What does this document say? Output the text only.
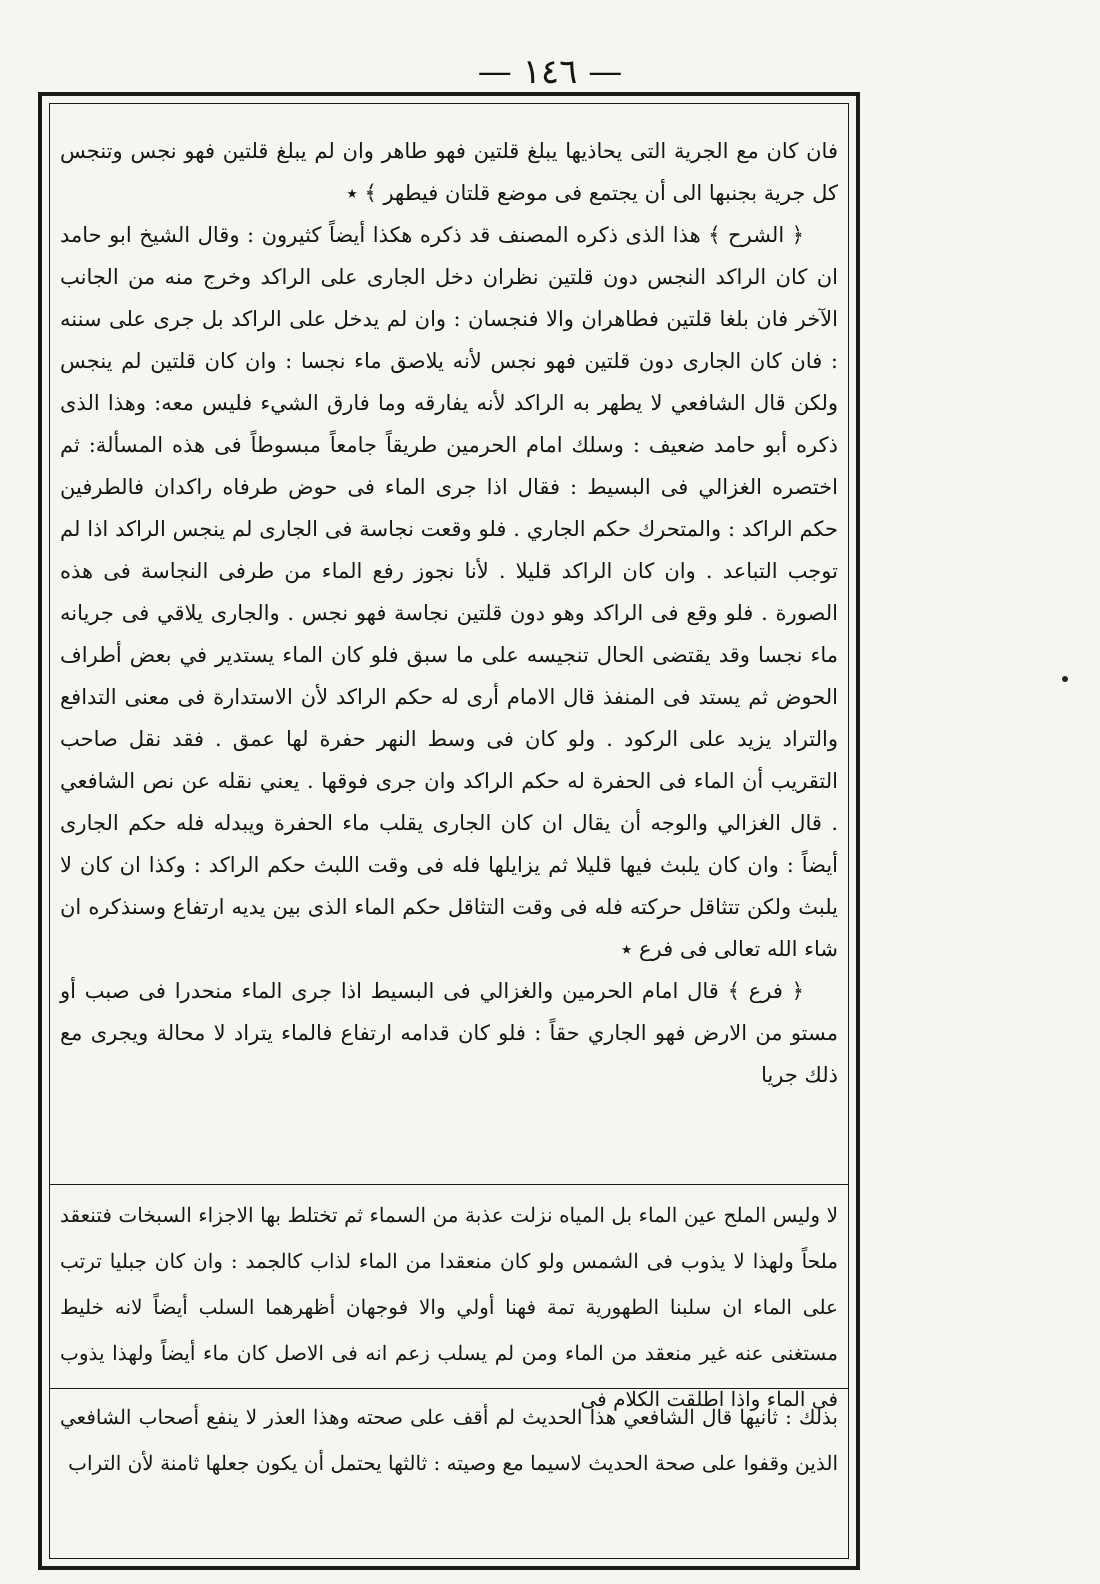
— ١٤٦ —

فان كان مع الجرية التى يحاذيها يبلغ قلتين فهو طاهر وان لم يبلغ قلتين فهو نجس وتنجس كل جرية بجنبها الى أن يجتمع فى موضع قلتان فيطهر ﴾ ٭

﴿ الشرح ﴾ هذا الذى ذكره المصنف قد ذكره هكذا أيضاً كثيرون : وقال الشيخ ابو حامد ان كان الراكد النجس دون قلتين نظران دخل الجارى على الراكد وخرج منه من الجانب الآخر فان بلغا قلتين فطاهران والا فنجسان : وان لم يدخل على الراكد بل جرى على سننه : فان كان الجارى دون قلتين فهو نجس لأنه يلاصق ماء نجسا : وان كان قلتين لم ينجس ولكن قال الشافعي لا يطهر به الراكد لأنه يفارقه وما فارق الشيء فليس معه: وهذا الذى ذكره أبو حامد ضعيف : وسلك امام الحرمين طريقاً جامعاً مبسوطاً فى هذه المسألة: ثم اختصره الغزالي فى البسيط : فقال اذا جرى الماء فى حوض طرفاه راكدان فالطرفين حكم الراكد : والمتحرك حكم الجاري . فلو وقعت نجاسة فى الجارى لم ينجس الراكد اذا لم توجب التباعد . وان كان الراكد قليلا . لأنا نجوز رفع الماء من طرفى النجاسة فى هذه الصورة . فلو وقع فى الراكد وهو دون قلتين نجاسة فهو نجس . والجارى يلاقي فى جريانه ماء نجسا وقد يقتضى الحال تنجيسه على ما سبق فلو كان الماء يستدير في بعض أطراف الحوض ثم يستد فى المنفذ قال الامام أرى له حكم الراكد لأن الاستدارة فى معنى التدافع والتراد يزيد على الركود . ولو كان فى وسط النهر حفرة لها عمق . فقد نقل صاحب التقريب أن الماء فى الحفرة له حكم الراكد وان جرى فوقها . يعني نقله عن نص الشافعي . قال الغزالي والوجه أن يقال ان كان الجارى يقلب ماء الحفرة ويبدله فله حكم الجارى أيضاً : وان كان يلبث فيها قليلا ثم يزايلها فله فى وقت اللبث حكم الراكد : وكذا ان كان لا يلبث ولكن تتثاقل حركته فله فى وقت التثاقل حكم الماء الذى بين يديه ارتفاع وسنذكره ان شاء الله تعالى فى فرع ٭

﴿ فرع ﴾ قال امام الحرمين والغزالي فى البسيط اذا جرى الماء منحدرا فى صبب أو مستو من الارض فهو الجاري حقاً : فلو كان قدامه ارتفاع فالماء يتراد لا محالة ويجرى مع ذلك جريا

لا وليس الملح عين الماء بل المياه نزلت عذبة من السماء ثم تختلط بها الاجزاء السبخات فتنعقد ملحاً ولهذا لا يذوب فى الشمس ولو كان منعقدا من الماء لذاب كالجمد : وان كان جبليا ترتب على الماء ان سلبنا الطهورية تمة فهنا أولي والا فوجهان أظهرهما السلب أيضاً لانه خليط مستغنى عنه غير منعقد من الماء ومن لم يسلب زعم انه فى الاصل كان ماء أيضاً ولهذا يذوب فى الماء واذا اطلقت الكلام فى

بذلك : ثانيها قال الشافعي هذا الحديث لم أقف على صحته وهذا العذر لا ينفع أصحاب الشافعي الذين وقفوا على صحة الحديث لاسيما مع وصيته : ثالثها يحتمل أن يكون جعلها ثامنة لأن التراب
